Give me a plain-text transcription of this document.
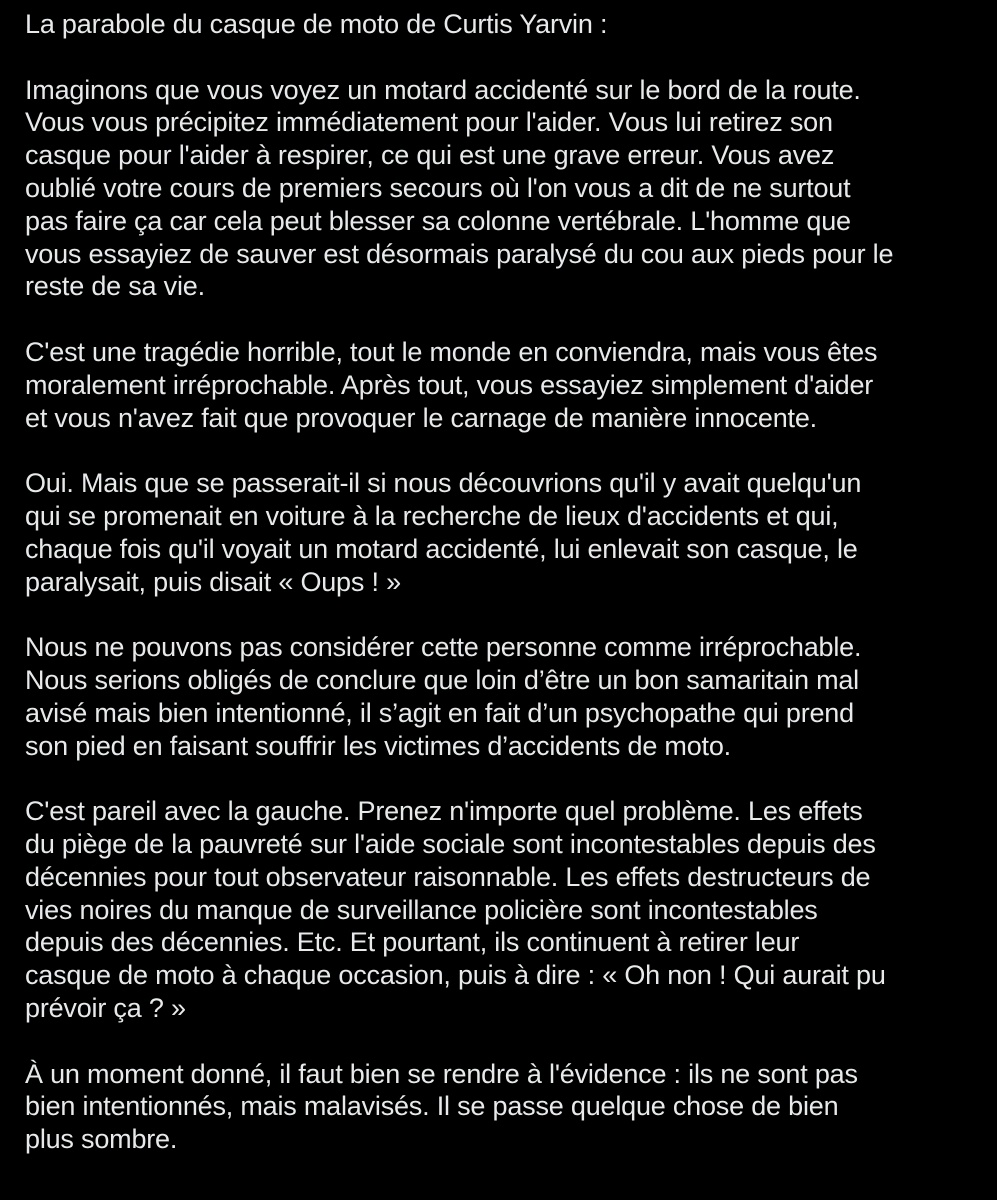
La parabole du casque de moto de Curtis Yarvin :
Imaginons que vous voyez un motard accidenté sur le bord de la route.
Vous vous précipitez immédiatement pour l'aider. Vous lui retirez son
casque pour l'aider à respirer, ce qui est une grave erreur. Vous avez
oublié votre cours de premiers secours où l'on vous a dit de ne surtout
pas faire ça car cela peut blesser sa colonne vertébrale. L'homme que
vous essayiez de sauver est désormais paralysé du cou aux pieds pour le
reste de sa vie.
C'est une tragédie horrible, tout le monde en conviendra, mais vous êtes
moralement irréprochable. Après tout, vous essayiez simplement d'aider
et vous n'avez fait que provoquer le carnage de manière innocente.
Oui. Mais que se passerait-il si nous découvrions qu'il y avait quelqu'un
qui se promenait en voiture à la recherche de lieux d'accidents et qui,
chaque fois qu'il voyait un motard accidenté, lui enlevait son casque, le
paralysait, puis disait « Oups ! »
Nous ne pouvons pas considérer cette personne comme irréprochable.
Nous serions obligés de conclure que loin d’être un bon samaritain mal
avisé mais bien intentionné, il s’agit en fait d’un psychopathe qui prend
son pied en faisant souffrir les victimes d’accidents de moto.
C'est pareil avec la gauche. Prenez n'importe quel problème. Les effets
du piège de la pauvreté sur l'aide sociale sont incontestables depuis des
décennies pour tout observateur raisonnable. Les effets destructeurs de
vies noires du manque de surveillance policière sont incontestables
depuis des décennies. Etc. Et pourtant, ils continuent à retirer leur
casque de moto à chaque occasion, puis à dire : « Oh non ! Qui aurait pu
prévoir ça ? »
À un moment donné, il faut bien se rendre à l'évidence : ils ne sont pas
bien intentionnés, mais malavisés. Il se passe quelque chose de bien
plus sombre.
